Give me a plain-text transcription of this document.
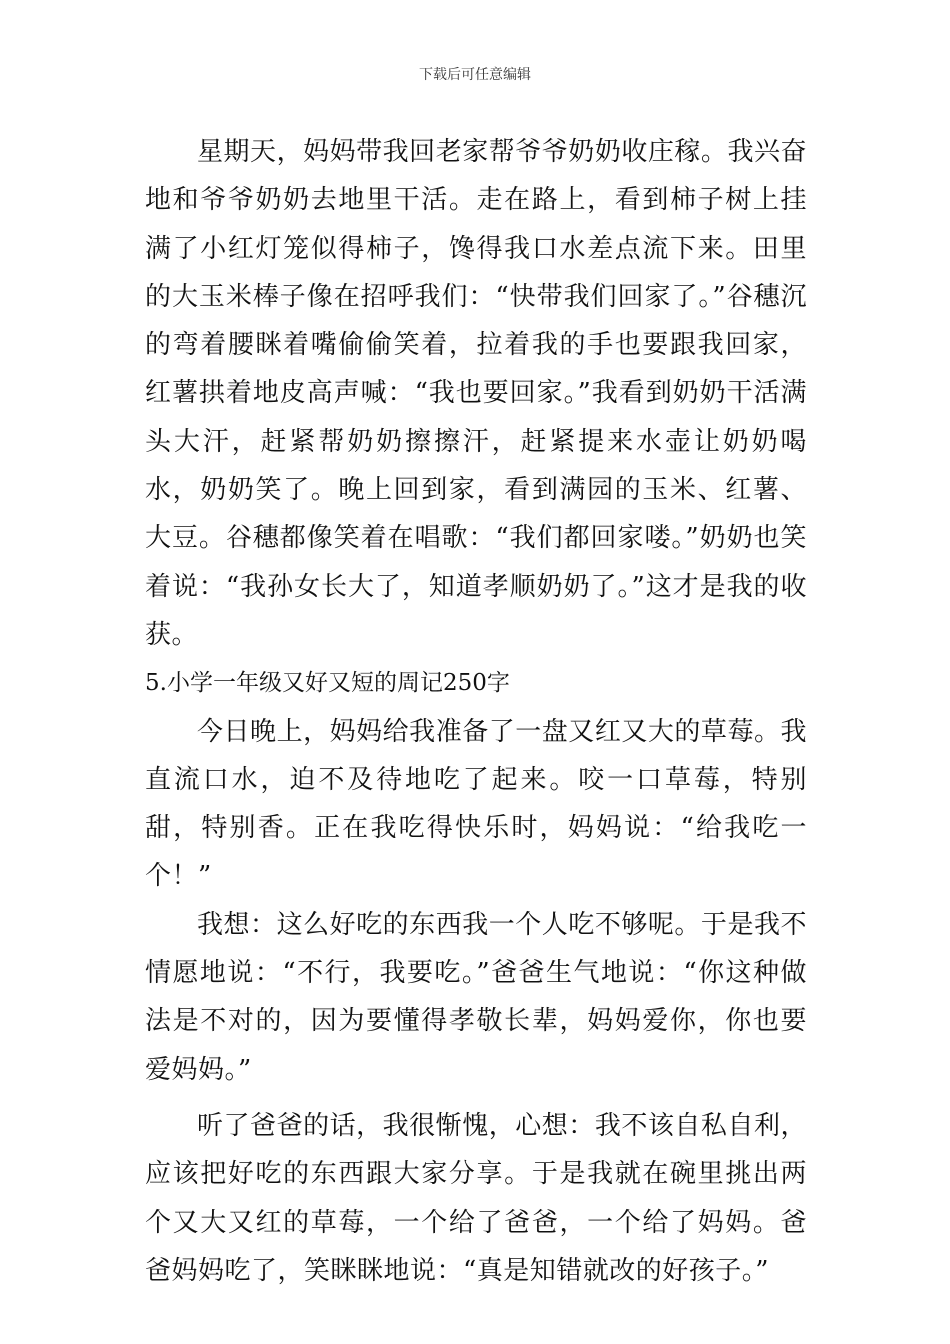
下载后可任意编辑

星期天，妈妈带我回老家帮爷爷奶奶收庄稼。我兴奋地和爷爷奶奶去地里干活。走在路上，看到柿子树上挂满了小红灯笼似得柿子，馋得我口水差点流下来。田里的大玉米棒子像在招呼我们：“快带我们回家了。”谷穗沉的弯着腰眯着嘴偷偷笑着，拉着我的手也要跟我回家，红薯拱着地皮高声喊：“我也要回家。”我看到奶奶干活满头大汗，赶紧帮奶奶擦擦汗，赶紧提来水壶让奶奶喝水，奶奶笑了。晚上回到家，看到满园的玉米、红薯、大豆。谷穗都像笑着在唱歌：“我们都回家喽。”奶奶也笑着说：“我孙女长大了，知道孝顺奶奶了。”这才是我的收获。

5.小学一年级又好又短的周记250字

今日晚上，妈妈给我准备了一盘又红又大的草莓。我直流口水，迫不及待地吃了起来。咬一口草莓，特别甜，特别香。正在我吃得快乐时，妈妈说：“给我吃一个！”

我想：这么好吃的东西我一个人吃不够呢。于是我不情愿地说：“不行，我要吃。”爸爸生气地说：“你这种做法是不对的，因为要懂得孝敬长辈，妈妈爱你，你也要爱妈妈。”

听了爸爸的话，我很惭愧，心想：我不该自私自利，应该把好吃的东西跟大家分享。于是我就在碗里挑出两个又大又红的草莓，一个给了爸爸，一个给了妈妈。爸爸妈妈吃了，笑眯眯地说：“真是知错就改的好孩子。”
